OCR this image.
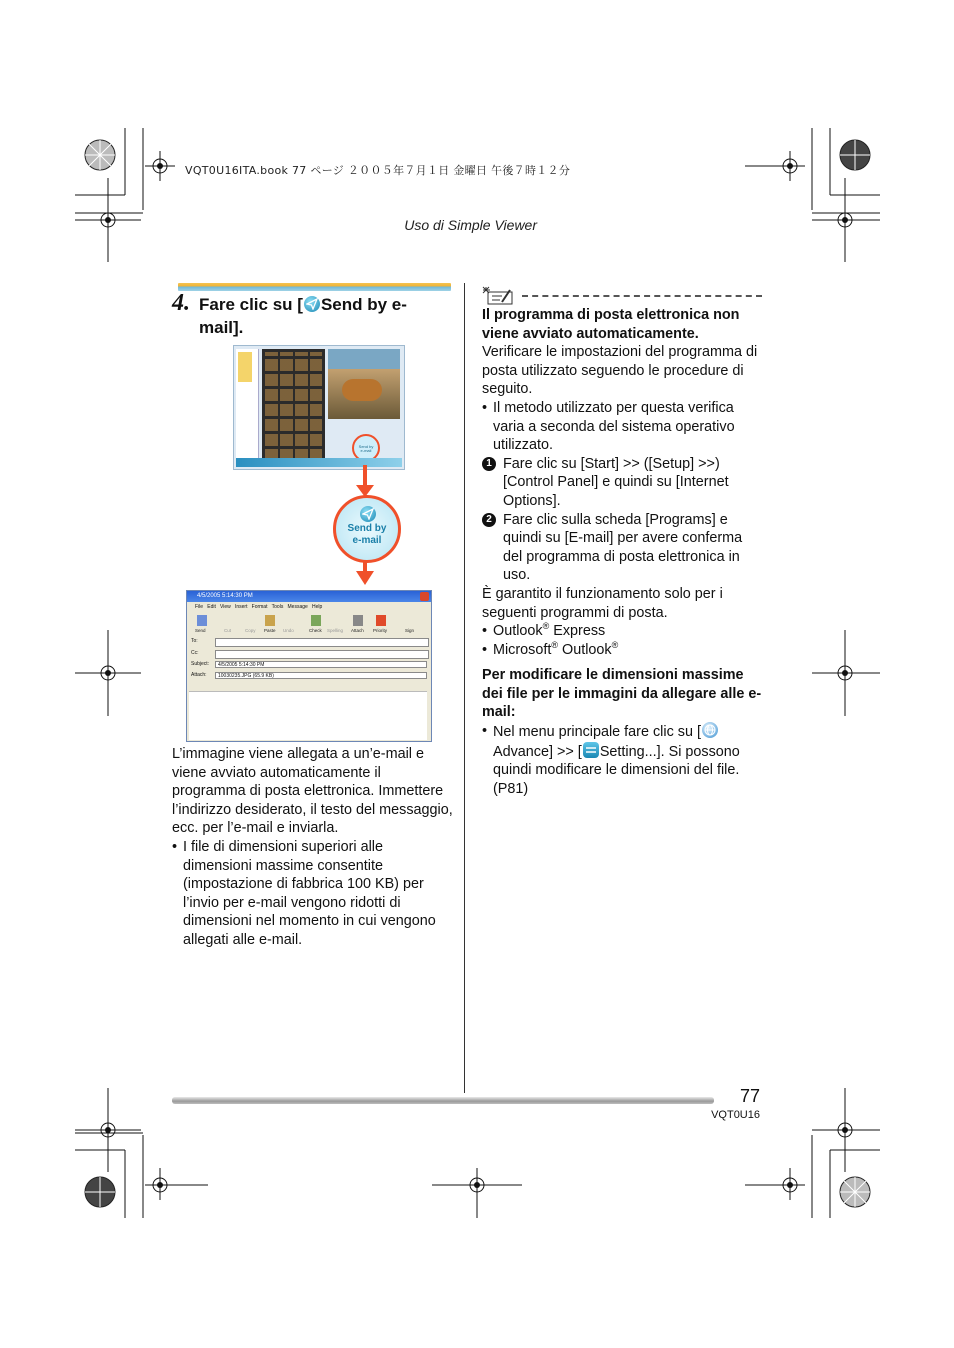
VQT0U16ITA.book 77 ページ ２００５年７月１日 金曜日 午後７時１２分
Uso di Simple Viewer
4. Fare clic su [ Send by e-mail].
Send by
e-mail
Send by
e-mail
4/5/2005 5:14:30 PM
File Edit View Insert Format Tools Message Help
Send	Cut	Copy Paste Undo	Check Spelling Attach Priority	Sign
To:
Cc:
Subject:	4/5/2005 5:14:30 PM
Attach:	10030235.JPG (65.9 KB)
L’immagine viene allegata a un’e-mail e viene avviato automaticamente il programma di posta elettronica. Immettere l’indirizzo desiderato, il testo del messaggio, ecc. per l’e-mail e inviarla.
• I file di dimensioni superiori alle dimensioni massime consentite (impostazione di fabbrica 100 KB) per l’invio per e-mail vengono ridotti di dimensioni nel momento in cui vengono allegati alle e-mail.
Il programma di posta elettronica non viene avviato automaticamente.
Verificare le impostazioni del programma di posta utilizzato seguendo le procedure di seguito.
• Il metodo utilizzato per questa verifica varia a seconda del sistema operativo utilizzato.
1 Fare clic su [Start] >> ([Setup] >>) [Control Panel] e quindi su [Internet Options].
2 Fare clic sulla scheda [Programs] e quindi su [E-mail] per avere conferma del programma di posta elettronica in uso.
È garantito il funzionamento solo per i seguenti programmi di posta.
• Outlook® Express
• Microsoft® Outlook®
Per modificare le dimensioni massime dei file per le immagini da allegare alle e-mail:
• Nel menu principale fare clic su [
Advance] >> [ Setting...]. Si possono quindi modificare le dimensioni del file. (P81)
77
VQT0U16
